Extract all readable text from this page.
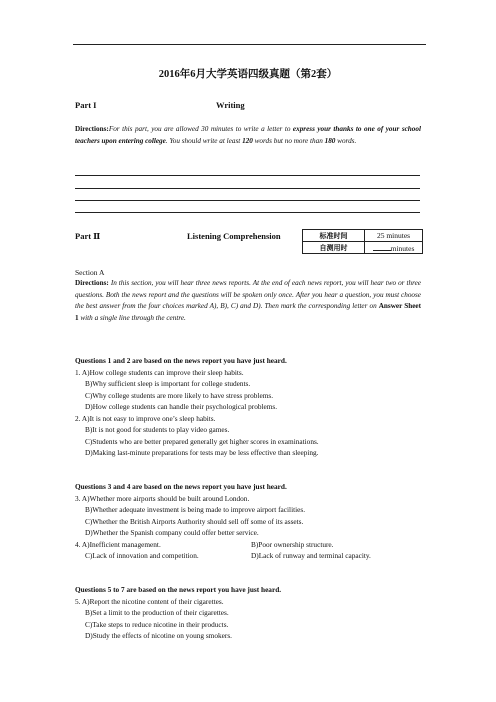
2016年6月大学英语四级真题（第2套）
Part I	Writing
Directions:For this part, you are allowed 30 minutes to write a letter to express your thanks to one of your school teachers upon entering college. You should write at least 120 words but no more than 180 words.
Part Ⅱ	Listening Comprehension	标准时间	25 minutes
自测用时	minutes
Section A
Directions: In this section, you will hear three news reports. At the end of each news report, you will hear two or three questions. Both the news report and the questions will be spoken only once. After you hear a question, you must choose the best answer from the four choices marked A), B), C) and D). Then mark the corresponding letter on Answer Sheet 1 with a single line through the centre.
Questions 1 and 2 are based on the news report you have just heard.
1. A)How college students can improve their sleep habits.
B)Why sufficient sleep is important for college students.
C)Why college students are more likely to have stress problems.
D)How college students can handle their psychological problems.
2. A)It is not easy to improve one’s sleep habits.
B)It is not good for students to play video games.
C)Students who are better prepared generally get higher scores in examinations.
D)Making last-minute preparations for tests may be less effective than sleeping.
Questions 3 and 4 are based on the news report you have just heard.
3. A)Whether more airports should be built around London.
B)Whether adequate investment is being made to improve airport facilities.
C)Whether the British Airports Authority should sell off some of its assets.
D)Whether the Spanish company could offer better service.
4. A)Inefficient management.	B)Poor ownership structure.
C)Lack of innovation and competition.	D)Lack of runway and terminal capacity.
Questions 5 to 7 are based on the news report you have just heard.
5. A)Report the nicotine content of their cigarettes.
B)Set a limit to the production of their cigarettes.
C)Take steps to reduce nicotine in their products.
D)Study the effects of nicotine on young smokers.
